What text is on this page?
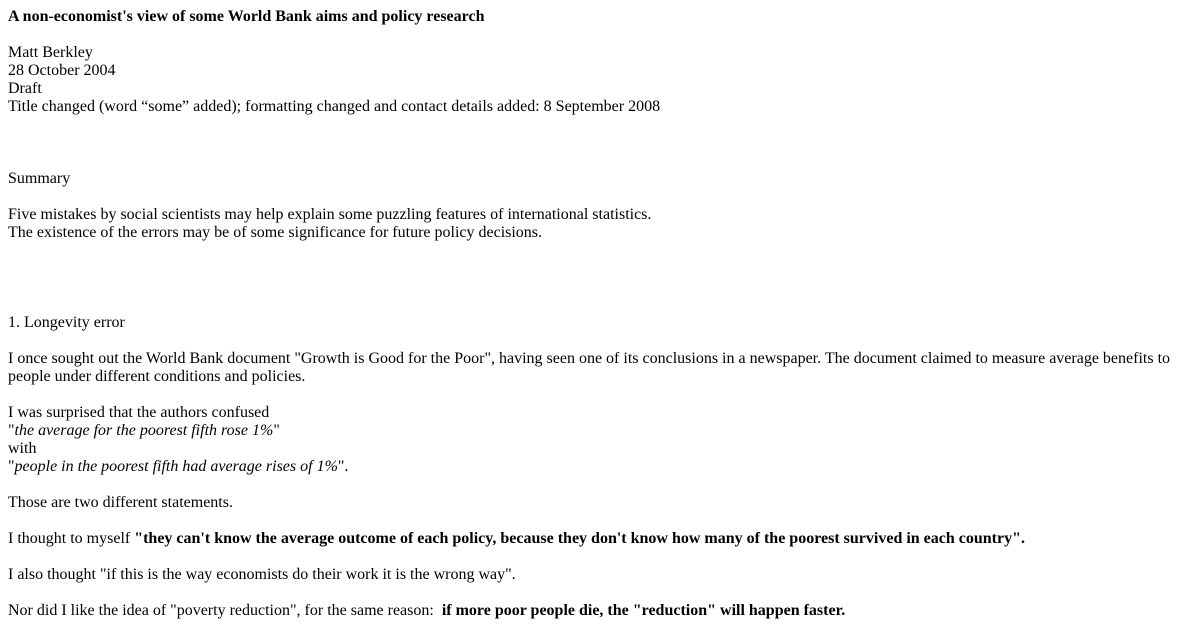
A non-economist's view of some World Bank aims and policy research

Matt Berkley

28 October 2004

Draft

Title changed (word “some” added); formatting changed and contact details added: 8 September 2008

Summary

Five mistakes by social scientists may help explain some puzzling features of international statistics.

The existence of the errors may be of some significance for future policy decisions.

1. Longevity error

I once sought out the World Bank document "Growth is Good for the Poor", having seen one of its conclusions in a newspaper. The document claimed to measure average benefits to people under different conditions and policies.

I was surprised that the authors confused

"the average for the poorest fifth rose 1%"

with

"people in the poorest fifth had average rises of 1%".

Those are two different statements.

I thought to myself "they can't know the average outcome of each policy, because they don't know how many of the poorest survived in each country".

I also thought "if this is the way economists do their work it is the wrong way".

Nor did I like the idea of "poverty reduction", for the same reason:  if more poor people die, the "reduction" will happen faster.
